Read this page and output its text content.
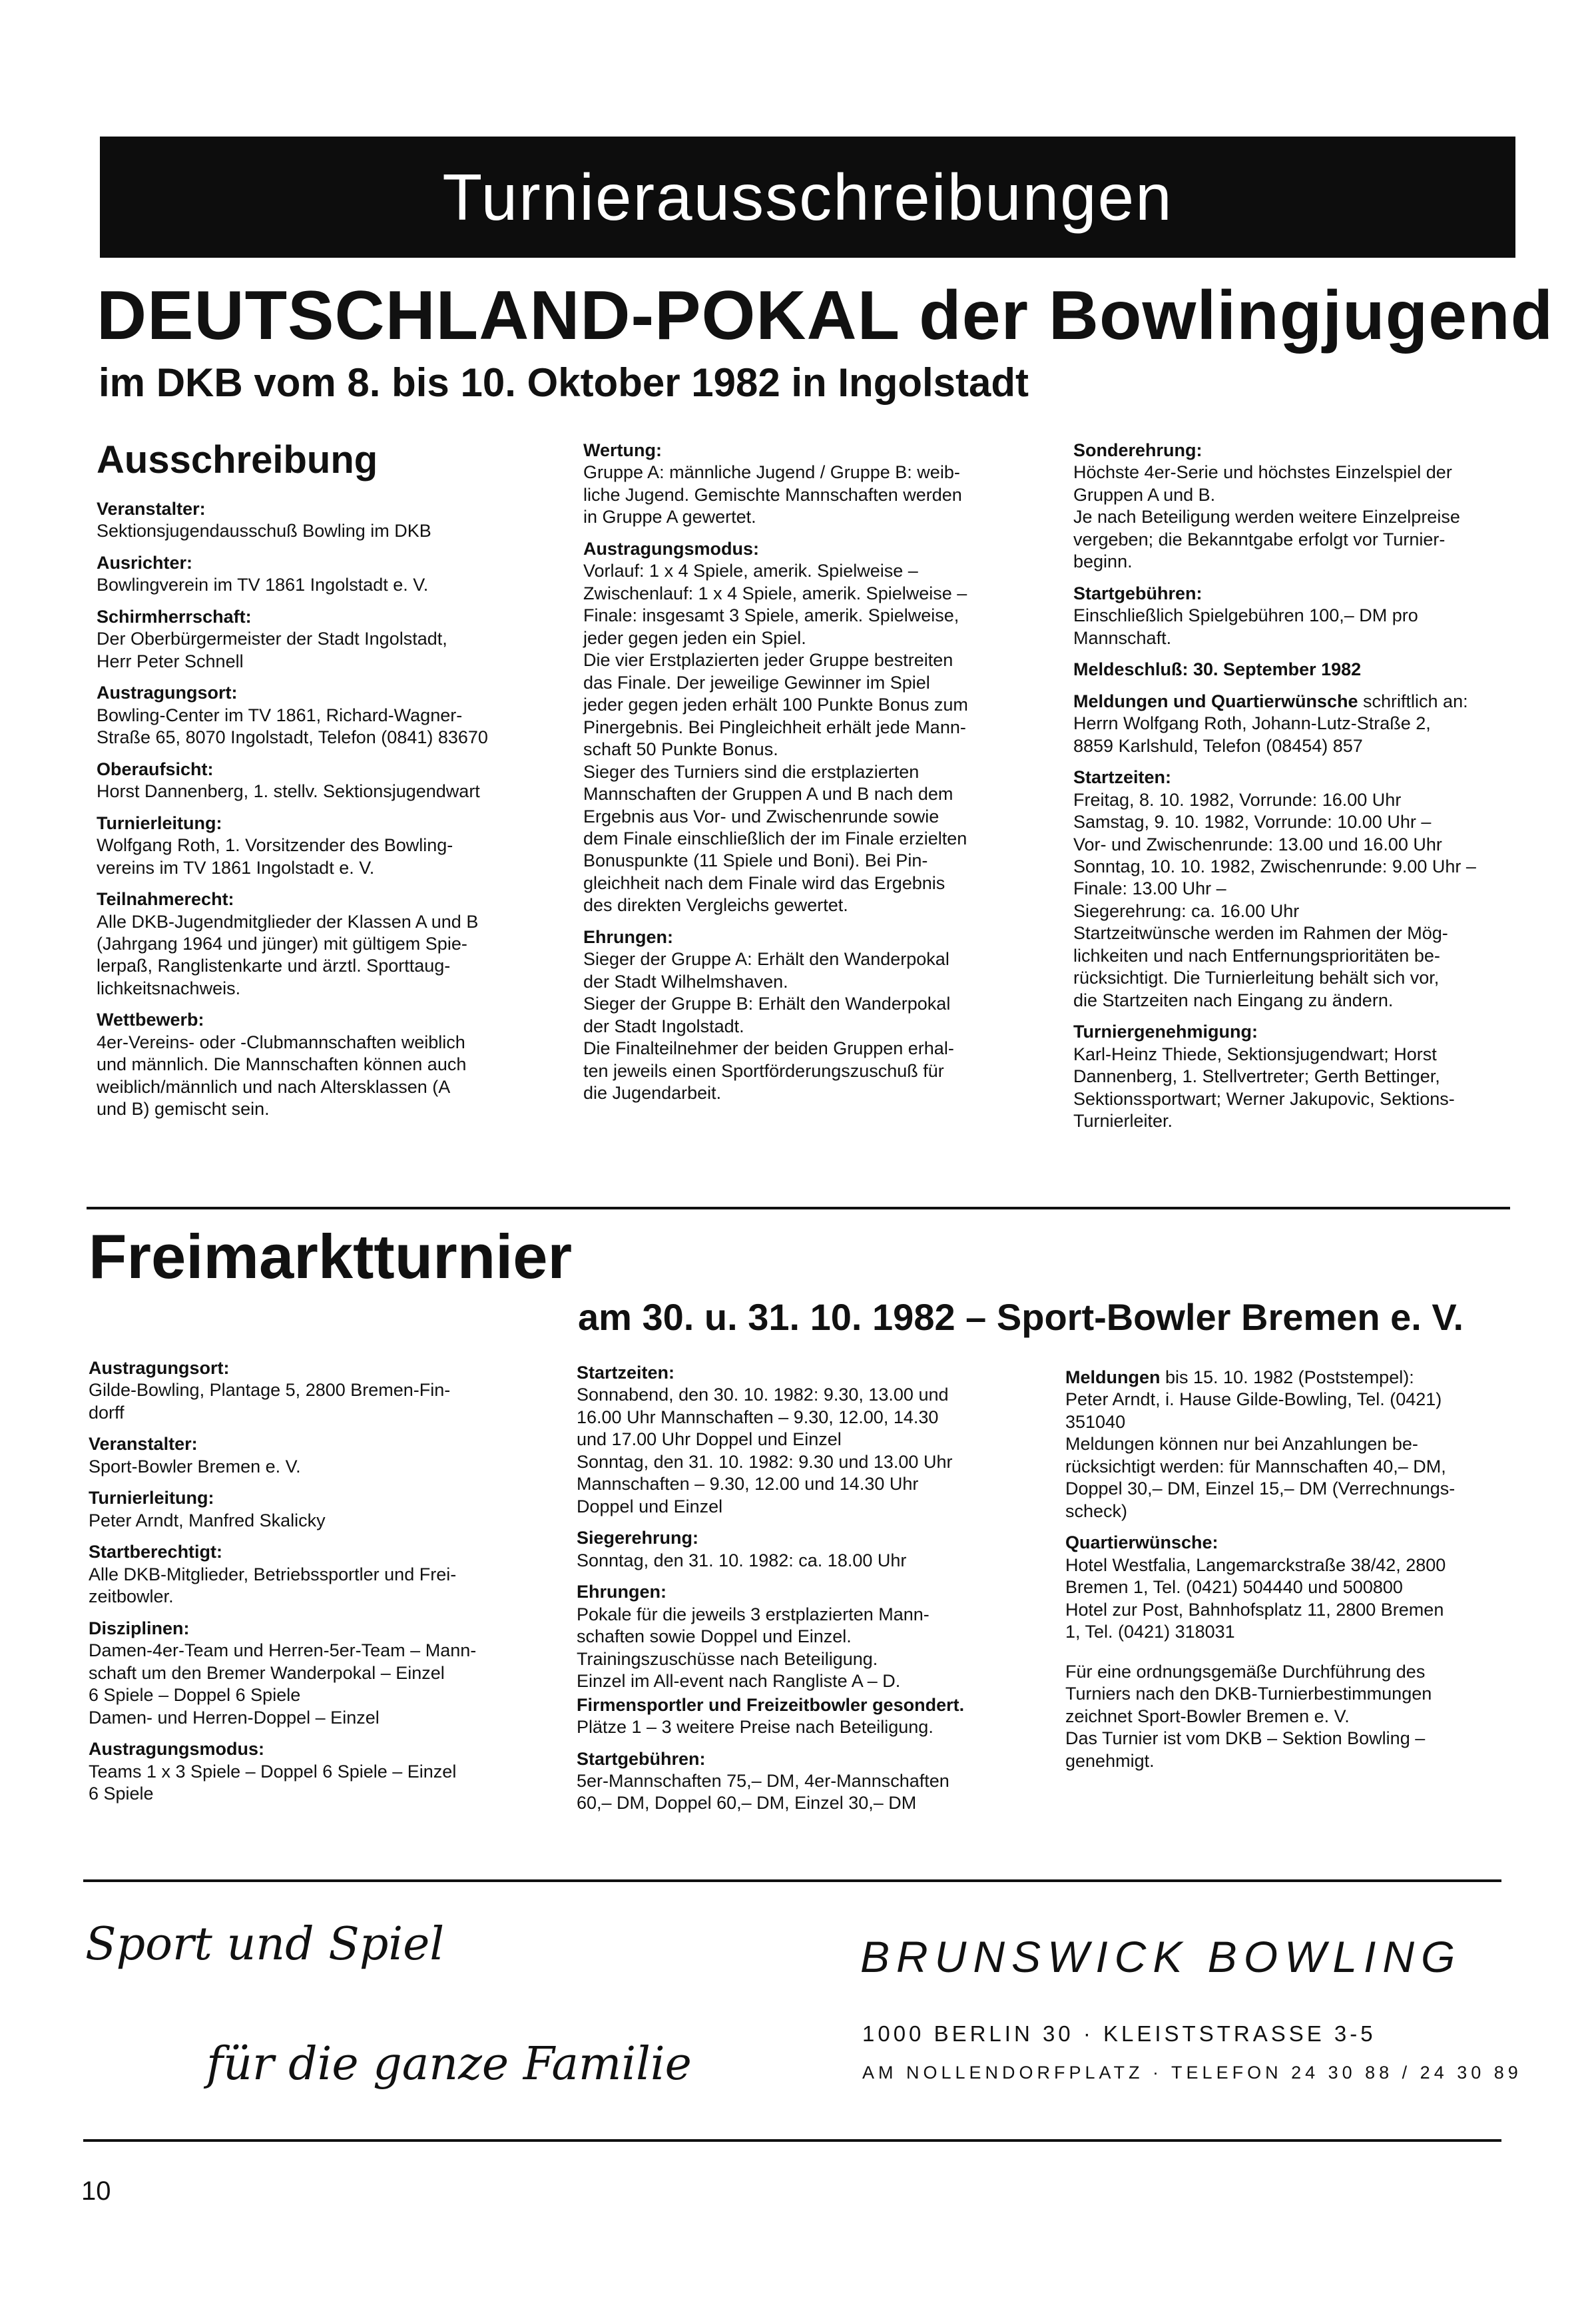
Turnierausschreibungen
DEUTSCHLAND-POKAL der Bowlingjugend
im DKB vom 8. bis 10. Oktober 1982 in Ingolstadt
Ausschreibung
Veranstalter:
Sektionsjugendausschuß Bowling im DKB
Ausrichter:
Bowlingverein im TV 1861 Ingolstadt e. V.
Schirmherrschaft:
Der Oberbürgermeister der Stadt Ingolstadt,
Herr Peter Schnell
Austragungsort:
Bowling-Center im TV 1861, Richard-Wagner-
Straße 65, 8070 Ingolstadt, Telefon (0841) 83670
Oberaufsicht:
Horst Dannenberg, 1. stellv. Sektionsjugendwart
Turnierleitung:
Wolfgang Roth, 1. Vorsitzender des Bowling-
vereins im TV 1861 Ingolstadt e. V.
Teilnahmerecht:
Alle DKB-Jugendmitglieder der Klassen A und B
(Jahrgang 1964 und jünger) mit gültigem Spie-
lerpaß, Ranglistenkarte und ärztl. Sporttaug-
lichkeitsnachweis.
Wettbewerb:
4er-Vereins- oder -Clubmannschaften weiblich
und männlich. Die Mannschaften können auch
weiblich/männlich und nach Altersklassen (A
und B) gemischt sein.
Wertung:
Gruppe A: männliche Jugend / Gruppe B: weib-
liche Jugend. Gemischte Mannschaften werden
in Gruppe A gewertet.
Austragungsmodus:
Vorlauf: 1 x 4 Spiele, amerik. Spielweise –
Zwischenlauf: 1 x 4 Spiele, amerik. Spielweise –
Finale: insgesamt 3 Spiele, amerik. Spielweise,
jeder gegen jeden ein Spiel.
Die vier Erstplazierten jeder Gruppe bestreiten
das Finale. Der jeweilige Gewinner im Spiel
jeder gegen jeden erhält 100 Punkte Bonus zum
Pinergebnis. Bei Pingleichheit erhält jede Mann-
schaft 50 Punkte Bonus.
Sieger des Turniers sind die erstplazierten
Mannschaften der Gruppen A und B nach dem
Ergebnis aus Vor- und Zwischenrunde sowie
dem Finale einschließlich der im Finale erzielten
Bonuspunkte (11 Spiele und Boni). Bei Pin-
gleichheit nach dem Finale wird das Ergebnis
des direkten Vergleichs gewertet.
Ehrungen:
Sieger der Gruppe A: Erhält den Wanderpokal
der Stadt Wilhelmshaven.
Sieger der Gruppe B: Erhält den Wanderpokal
der Stadt Ingolstadt.
Die Finalteilnehmer der beiden Gruppen erhal-
ten jeweils einen Sportförderungszuschuß für
die Jugendarbeit.
Sonderehrung:
Höchste 4er-Serie und höchstes Einzelspiel der
Gruppen A und B.
Je nach Beteiligung werden weitere Einzelpreise
vergeben; die Bekanntgabe erfolgt vor Turnier-
beginn.
Startgebühren:
Einschließlich Spielgebühren 100,– DM pro
Mannschaft.
Meldeschluß: 30. September 1982
Meldungen und Quartierwünsche schriftlich an:
Herrn Wolfgang Roth, Johann-Lutz-Straße 2,
8859 Karlshuld, Telefon (08454) 857
Startzeiten:
Freitag, 8. 10. 1982, Vorrunde: 16.00 Uhr
Samstag, 9. 10. 1982, Vorrunde: 10.00 Uhr –
Vor- und Zwischenrunde: 13.00 und 16.00 Uhr
Sonntag, 10. 10. 1982, Zwischenrunde: 9.00 Uhr –
Finale: 13.00 Uhr –
Siegerehrung: ca. 16.00 Uhr
Startzeitwünsche werden im Rahmen der Mög-
lichkeiten und nach Entfernungsprioritäten be-
rücksichtigt. Die Turnierleitung behält sich vor,
die Startzeiten nach Eingang zu ändern.
Turniergenehmigung:
Karl-Heinz Thiede, Sektionsjugendwart; Horst
Dannenberg, 1. Stellvertreter; Gerth Bettinger,
Sektionssportwart; Werner Jakupovic, Sektions-
Turnierleiter.
Freimarktturnier
am 30. u. 31. 10. 1982 – Sport-Bowler Bremen e. V.
Austragungsort:
Gilde-Bowling, Plantage 5, 2800 Bremen-Fin-
dorff
Veranstalter:
Sport-Bowler Bremen e. V.
Turnierleitung:
Peter Arndt, Manfred Skalicky
Startberechtigt:
Alle DKB-Mitglieder, Betriebssportler und Frei-
zeitbowler.
Disziplinen:
Damen-4er-Team und Herren-5er-Team – Mann-
schaft um den Bremer Wanderpokal – Einzel
6 Spiele – Doppel 6 Spiele
Damen- und Herren-Doppel – Einzel
Austragungsmodus:
Teams 1 x 3 Spiele – Doppel 6 Spiele – Einzel
6 Spiele
Startzeiten:
Sonnabend, den 30. 10. 1982: 9.30, 13.00 und
16.00 Uhr Mannschaften – 9.30, 12.00, 14.30
und 17.00 Uhr Doppel und Einzel
Sonntag, den 31. 10. 1982: 9.30 und 13.00 Uhr
Mannschaften – 9.30, 12.00 und 14.30 Uhr
Doppel und Einzel
Siegerehrung:
Sonntag, den 31. 10. 1982: ca. 18.00 Uhr
Ehrungen:
Pokale für die jeweils 3 erstplazierten Mann-
schaften sowie Doppel und Einzel.
Trainingszuschüsse nach Beteiligung.
Einzel im All-event nach Rangliste A – D.
Firmensportler und Freizeitbowler gesondert.
Plätze 1 – 3 weitere Preise nach Beteiligung.
Startgebühren:
5er-Mannschaften 75,– DM, 4er-Mannschaften
60,– DM, Doppel 60,– DM, Einzel 30,– DM
Meldungen bis 15. 10. 1982 (Poststempel):
Peter Arndt, i. Hause Gilde-Bowling, Tel. (0421)
351040
Meldungen können nur bei Anzahlungen be-
rücksichtigt werden: für Mannschaften 40,– DM,
Doppel 30,– DM, Einzel 15,– DM (Verrechnungs-
scheck)
Quartierwünsche:
Hotel Westfalia, Langemarckstraße 38/42, 2800
Bremen 1, Tel. (0421) 504440 und 500800
Hotel zur Post, Bahnhofsplatz 11, 2800 Bremen
1, Tel. (0421) 318031
Für eine ordnungsgemäße Durchführung des
Turniers nach den DKB-Turnierbestimmungen
zeichnet Sport-Bowler Bremen e. V.
Das Turnier ist vom DKB – Sektion Bowling –
genehmigt.
Sport und Spiel
für die ganze Familie
BRUNSWICK BOWLING
1000 BERLIN 30 · KLEISTSTRASSE 3-5
AM NOLLENDORFPLATZ · TELEFON 24 30 88 / 24 30 89
10
